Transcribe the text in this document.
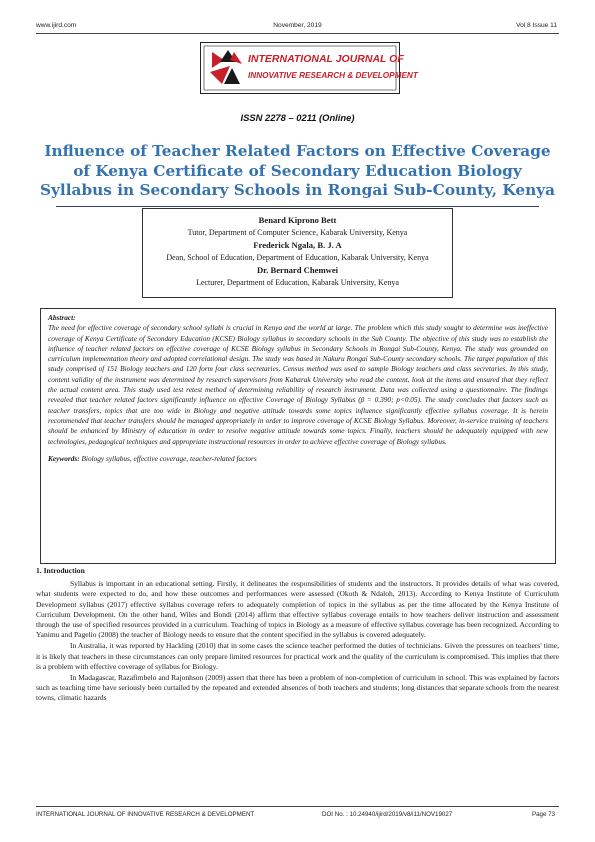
www.ijird.com	November, 2019	Vol 8 Issue 11
INTERNATIONAL JOURNAL OF
INNOVATIVE RESEARCH & DEVELOPMENT
ISSN 2278 – 0211 (Online)
Influence of Teacher Related Factors on Effective Coverage of Kenya Certificate of Secondary Education Biology Syllabus in Secondary Schools in Rongai Sub-County, Kenya
Benard Kiprono Bett
Tutor, Department of Computer Science, Kabarak University, Kenya
Frederick Ngala, B. J. A
Dean, School of Education, Department of Education, Kabarak University, Kenya
Dr. Bernard Chemwei
Lecturer, Department of Education, Kabarak University, Kenya
Abstract:
The need for effective coverage of secondary school syllabi is crucial in Kenya and the world at large. The problem which this study sought to determine was ineffective coverage of Kenya Certificate of Secondary Education (KCSE) Biology syllabus in secondary schools in the Sub County. The objective of this study was to establish the influence of teacher related factors on effective coverage of KCSE Biology syllabus in Secondary Schools in Rongai Sub-County, Kenya. The study was grounded on curriculum implementation theory and adopted correlational design. The study was based in Nakuru Rongai Sub-County secondary schools. The target population of this study comprised of 151 Biology teachers and 120 form four class secretaries. Census method was used to sample Biology teachers and class secretaries. In this study, content validity of the instrument was determined by research supervisors from Kabarak University who read the content, look at the items and ensured that they reflect the actual content area. This study used test retest method of determining reliability of research instrument. Data was collected using a questionnaire. The findings revealed that teacher related factors significantly influence on effective Coverage of Biology Syllabus (β = 0.390; p<0.05). The study concludes that factors such as teacher transfers, topics that are too wide in Biology and negative attitude towards some topics influence significantly effective syllabus coverage. It is herein recommended that teacher transfers should be managed appropriately in order to improve coverage of KCSE Biology Syllabus. Moreover, in-service training of teachers should be enhanced by Ministry of education in order to resolve negative attitude towards some topics. Finally, teachers should be adequately equipped with new technologies, pedagogical techniques and appropriate instructional resources in order to achieve effective coverage of Biology syllabus.
Keywords: Biology syllabus, effective coverage, teacher-related factors
1. Introduction

Syllabus is important in an educational setting. Firstly, it delineates the responsibilities of students and the instructors. It provides details of what was covered, what students were expected to do, and how these outcomes and performances were assessed (Okoth & Ndaloh, 2013). According to Kenya Institute of Curriculum Development syllabus (2017) effective syllabus coverage refers to adequately completion of topics in the syllabus as per the time allocated by the Kenya Institute of Curriculum Development. On the other hand, Wiles and Bondi (2014) affirm that effective syllabus coverage entails to how teachers deliver instruction and assessment through the use of specified resources provided in a curriculum. Teaching of topics in Biology as a measure of effective syllabus coverage has been recognized. According to Yanimu and Pagelio (2008) the teacher of Biology needs to ensure that the content specified in the syllabus is covered adequately.

In Australia, it was reported by Hackling (2010) that in some cases the science teacher performed the duties of technicians. Given the pressures on teachers' time, it is likely that teachers in these circumstances can only prepare limited resources for practical work and the quality of the curriculum is compromised. This implies that there is a problem with effective coverage of syllabus for Biology.

In Madagascar, Razafimbelo and Rajonhson (2009) assert that there has been a problem of non-completion of curriculum in school. This was explained by factors such as teaching time have seriously been curtailed by the repeated and extended absences of both teachers and students; long distances that separate schools from the nearest towns, climatic hazards

INTERNATIONAL JOURNAL OF INNOVATIVE RESEARCH & DEVELOPMENT	DOI No. : 10.24940/ijird/2019/v8/i11/NOV19027	Page 73
